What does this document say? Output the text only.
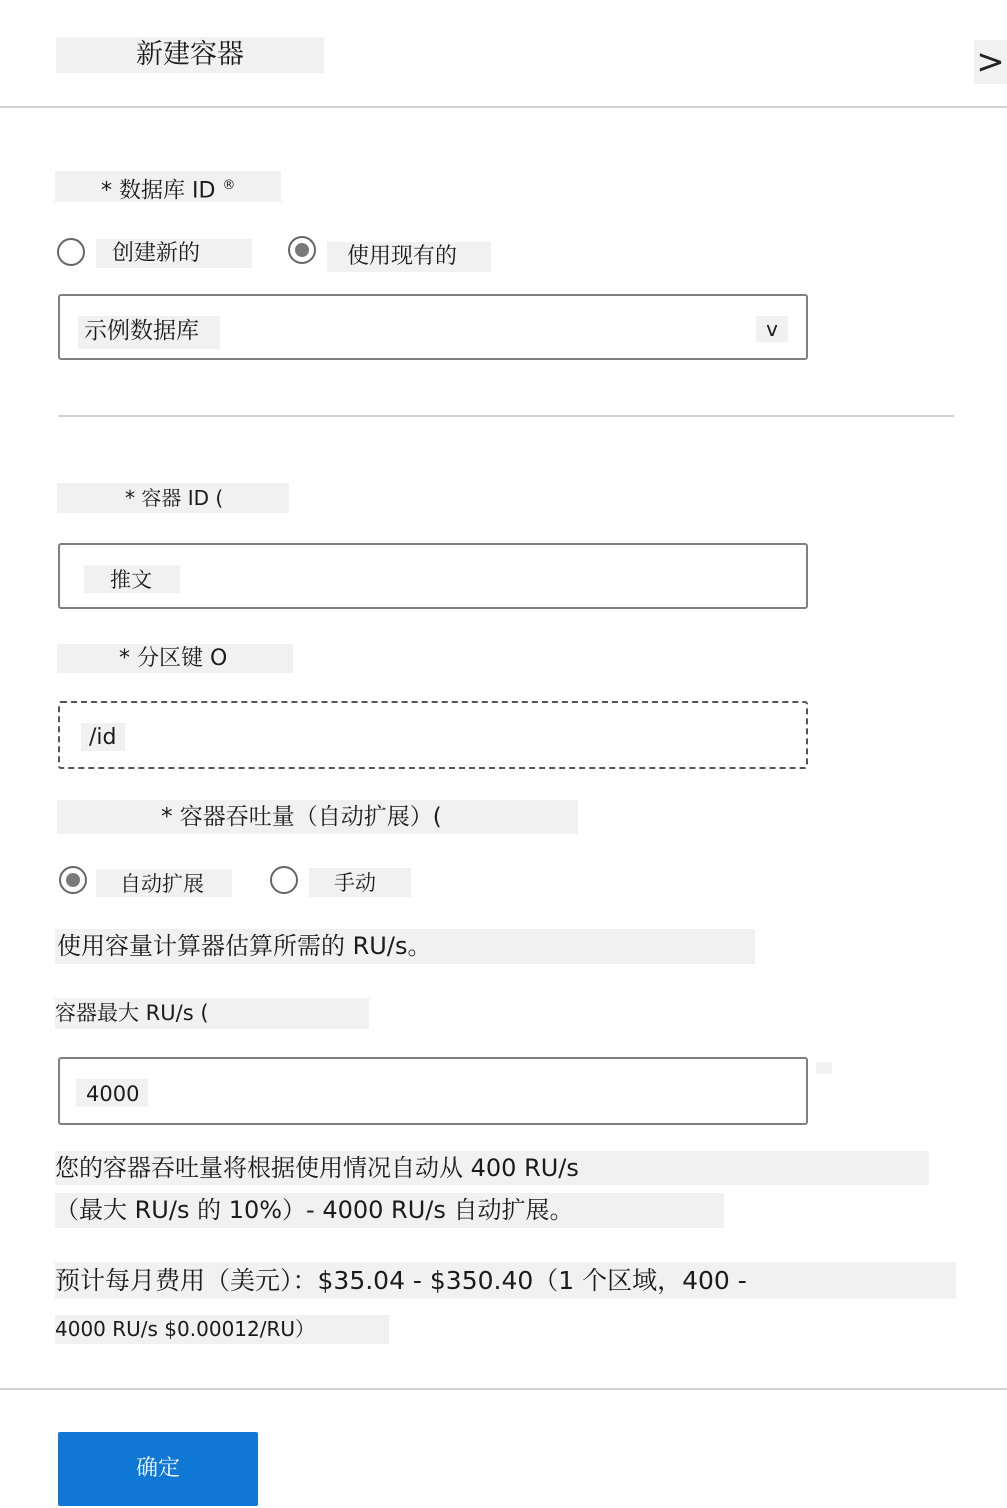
新建容器	>
* 数据库 ID ®
创建新的	使用现有的
示例数据库	v
* 容器 ID (
推文
* 分区键 O
/id
* 容器吞吐量（自动扩展）(
自动扩展	手动
使用容量计算器估算所需的 RU/s。
容器最大 RU/s (
4000
您的容器吞吐量将根据使用情况自动从 400 RU/s
（最大 RU/s 的 10%）- 4000 RU/s 自动扩展。
预计每月费用（美元）：$35.04 - $350.40（1 个区域，400 -
4000 RU/s $0.00012/RU）
确定
